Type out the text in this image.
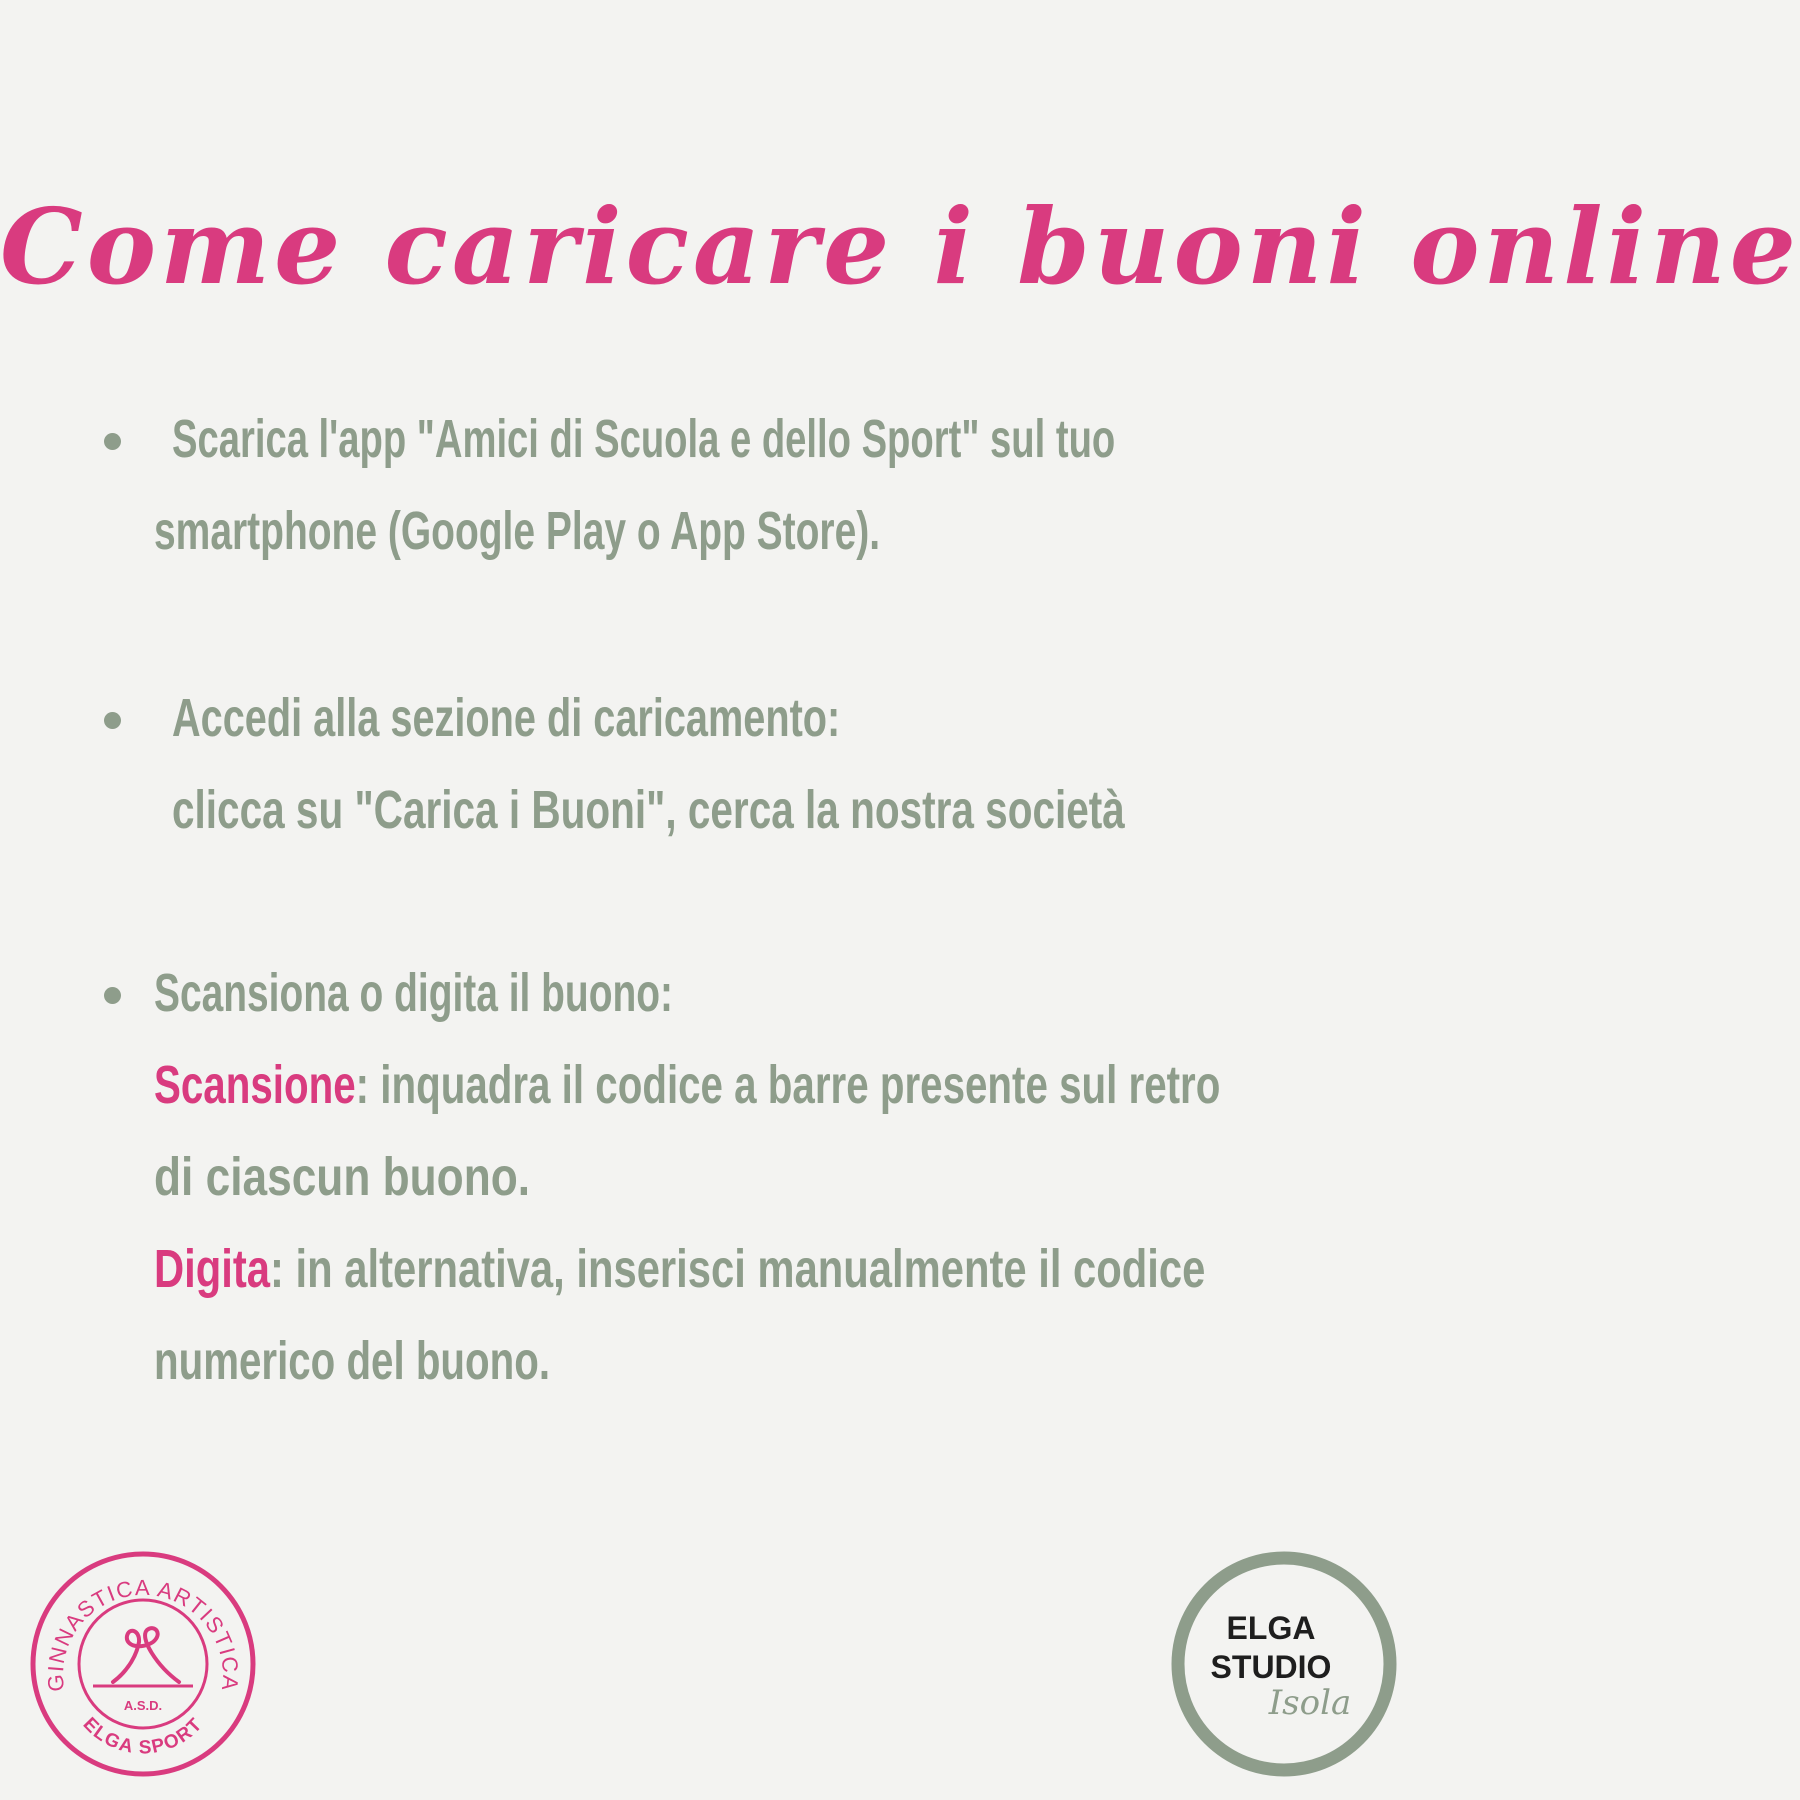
Come caricare i buoni online
Scarica l'app "Amici di Scuola e dello Sport" sul tuo
smartphone (Google Play o App Store).
Accedi alla sezione di caricamento:
clicca su "Carica i Buoni", cerca la nostra società
Scansiona o digita il buono:
Scansione: inquadra il codice a barre presente sul retro
di ciascun buono.
Digita: in alternativa, inserisci manualmente il codice
numerico del buono.
GINNASTICA ARTISTICA
A.S.D.
ELGA SPORT
ELGA
STUDIO
Isola
